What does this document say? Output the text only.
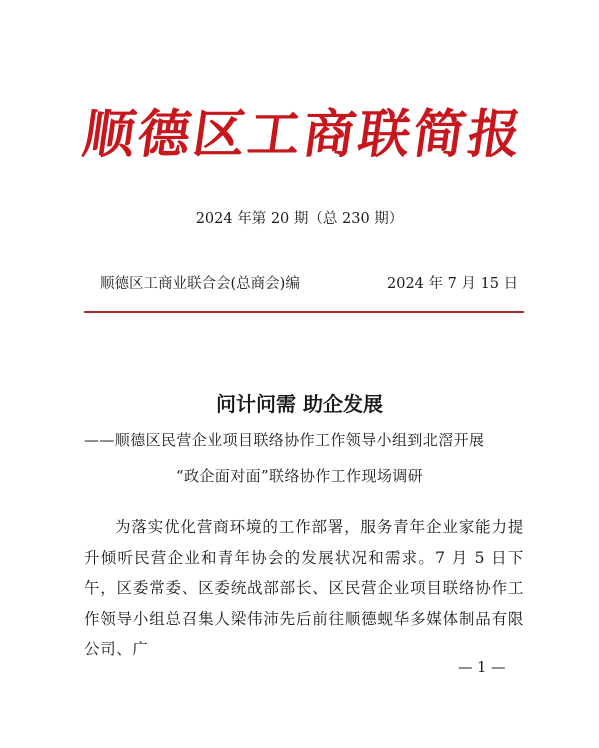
顺德区工商联简报
2024 年第 20 期（总 230 期）
顺德区工商业联合会(总商会)编	2024 年 7 月 15 日
问计问需 助企发展
——顺德区民营企业项目联络协作工作领导小组到北滘开展
“政企面对面”联络协作工作现场调研
为落实优化营商环境的工作部署，服务青年企业家能力提升倾听民营企业和青年协会的发展状况和需求。7 月 5 日下午，区委常委、区委统战部部长、区民营企业项目联络协作工作领导小组总召集人梁伟沛先后前往顺德蚬华多媒体制品有限公司、广
— 1 —
